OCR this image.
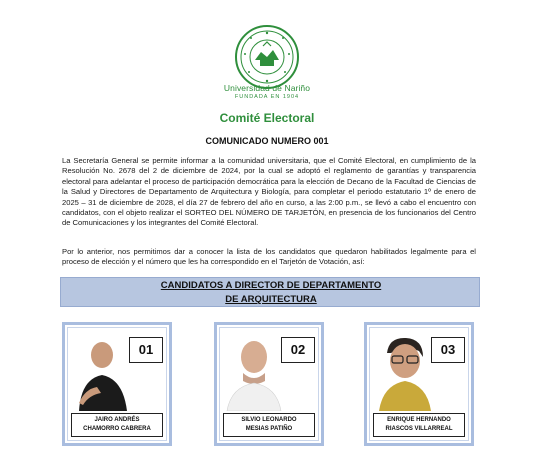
Universidad de Nariño
FUNDADA EN 1904
Comité Electoral
COMUNICADO NUMERO 001
La Secretaría General se permite informar a la comunidad universitaria, que el Comité Electoral, en cumplimiento de la Resolución No. 2678 del 2 de diciembre de 2024, por la cual se adoptó el reglamento de garantías y transparencia electoral para adelantar el proceso de participación democrática para la elección de Decano de la Facultad de Ciencias de la Salud y Directores de Departamento de Arquitectura y Biología, para completar el periodo estatutario 1º de enero de 2025 – 31 de diciembre de 2028, el día 27 de febrero del año en curso, a las 2:00 p.m., se llevó a cabo el encuentro con candidatos, con el objeto realizar el SORTEO DEL NÚMERO DE TARJETÓN, en presencia de los funcionarios del Centro de Comunicaciones y los integrantes del Comité Electoral.
Por lo anterior, nos permitimos dar a conocer la lista de los candidatos que quedaron habilitados legalmente para el proceso de elección y el número que les ha correspondido en el Tarjetón de Votación, así:
CANDIDATOS A DIRECTOR DE DEPARTAMENTO
DE ARQUITECTURA
01
JAIRO ANDRÉS
CHAMORRO CABRERA
02
SILVIO LEONARDO
MESIAS PATIÑO
03
ENRIQUE HERNANDO
RIASCOS VILLARREAL
